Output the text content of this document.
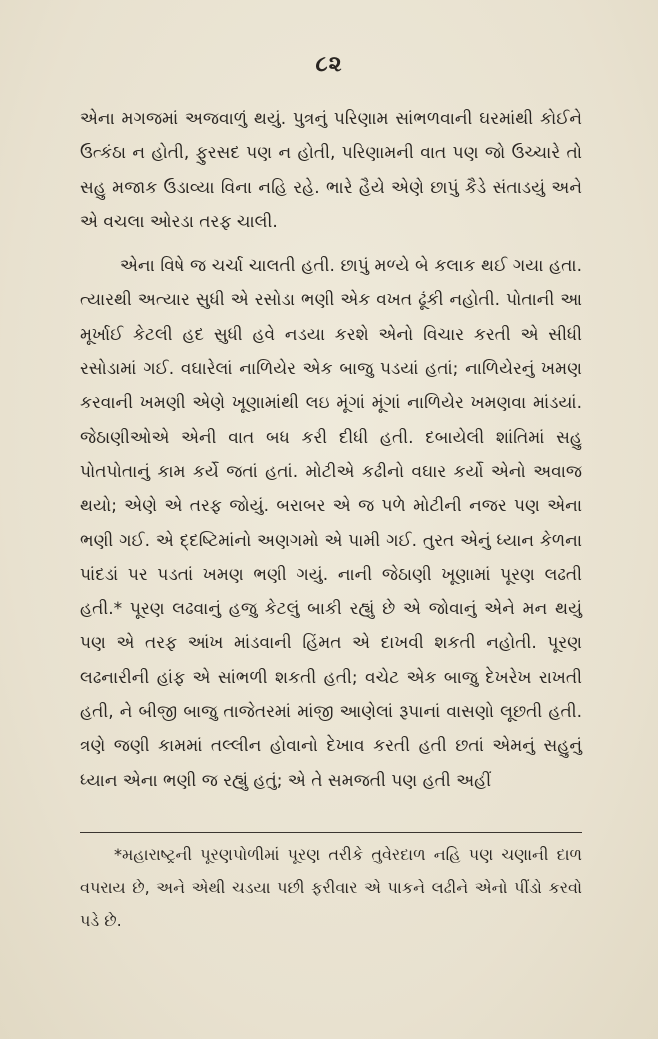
૮૨

એના મગજમાં અજવાળું થયું. પુત્રનું પરિણામ સાંભળવાની ઘરમાંથી કોઈને ઉત્કંઠા ન હોતી, ફુરસદ પણ ન હોતી, પરિણામની વાત પણ જો ઉચ્ચારે તો સહુ મજાક ઉડાવ્યા વિના નહિ રહે. ભારે હૈયે એણે છાપું કૈડે સંતાડયું અને એ વચલા ઓરડા તરફ ચાલી.

એના વિષે જ ચર્ચા ચાલતી હતી. છાપું મળ્યે બે કલાક થઈ ગયા હતા. ત્યારથી અત્યાર સુધી એ રસોડા ભણી એક વખત ઢૂંકી નહોતી. પોતાની આ મૂર્ખાઈ કેટલી હદ સુધી હવે નડયા કરશે એનો વિચાર કરતી એ સીધી રસોડામાં ગઈ. વઘારેલાં નાળિયેર એક બાજુ પડયાં હતાં; નાળિયેરનું ખમણ કરવાની ખમણી એણે ખૂણામાંથી લઇ મૂંગાં મૂંગાં નાળિયેર ખમણવા માંડયાં. જેઠાણીઓએ એની વાત બધ કરી દીધી હતી. દબાયેલી શાંતિમાં સહુ પોતપોતાનું કામ કર્યે જતાં હતાં. મોટીએ કઢીનો વઘાર કર્યો એનો અવાજ થયો; એણે એ તરફ જોયું. બરાબર એ જ પળે મોટીની નજર પણ એના ભણી ગઈ. એ દ્દષ્ટિમાંનો અણગમો એ પામી ગઈ. તુરત એનું ધ્યાન કેળના પાંદડાં પર પડતાં ખમણ ભણી ગયું. નાની જેઠાણી ખૂણામાં પૂરણ લઢતી હતી.* પૂરણ લઢવાનું હજુ કેટલું બાકી રહ્યું છે એ જોવાનું એને મન થયું પણ એ તરફ આંખ માંડવાની હિંમત એ દાખવી શકતી નહોતી. પૂરણ લઢનારીની હાંફ એ સાંભળી શકતી હતી; વચેટ એક બાજુ દેખરેખ રાખતી હતી, ને બીજી બાજુ તાજેતરમાં માંજી આણેલાં રૂપાનાં વાસણો લૂછતી હતી. ત્રણે જણી કામમાં તલ્લીન હોવાનો દેખાવ કરતી હતી છતાં એમનું સહુનું ધ્યાન એના ભણી જ રહ્યું હતું; એ તે સમજતી પણ હતી અહીં

*મહારાષ્ટ્રની પૂરણપોળીમાં પૂરણ તરીકે તુવેરદાળ નહિ પણ ચણાની દાળ વપરાય છે, અને એથી ચડયા પછી ફરીવાર એ પાકને લઢીને એનો પીંડો કરવો પડે છે.
